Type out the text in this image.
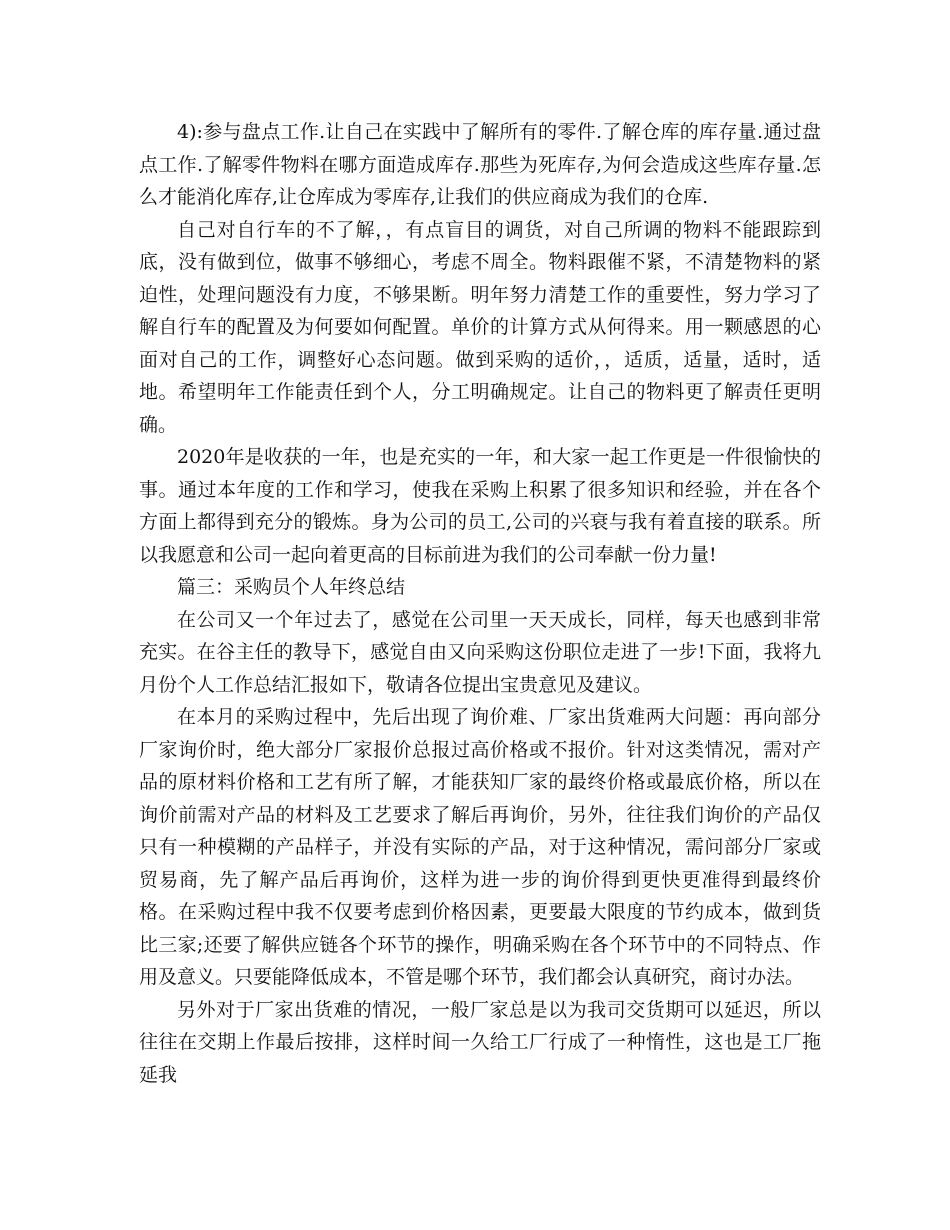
4):参与盘点工作.让自己在实践中了解所有的零件.了解仓库的库存量.通过盘点工作.了解零件物料在哪方面造成库存.那些为死库存,为何会造成这些库存量.怎么才能消化库存,让仓库成为零库存,让我们的供应商成为我们的仓库.

自己对自行车的不了解，，有点盲目的调货，对自己所调的物料不能跟踪到底，没有做到位，做事不够细心，考虑不周全。物料跟催不紧，不清楚物料的紧迫性，处理问题没有力度，不够果断。明年努力清楚工作的重要性，努力学习了解自行车的配置及为何要如何配置。单价的计算方式从何得来。用一颗感恩的心面对自己的工作，调整好心态问题。做到采购的适价，，适质，适量，适时，适地。希望明年工作能责任到个人，分工明确规定。让自己的物料更了解责任更明确。

2020年是收获的一年，也是充实的一年，和大家一起工作更是一件很愉快的事。通过本年度的工作和学习，使我在采购上积累了很多知识和经验，并在各个方面上都得到充分的锻炼。身为公司的员工,公司的兴衰与我有着直接的联系。所以我愿意和公司一起向着更高的目标前进为我们的公司奉献一份力量!

篇三：采购员个人年终总结

在公司又一个年过去了，感觉在公司里一天天成长，同样，每天也感到非常充实。在谷主任的教导下，感觉自由又向采购这份职位走进了一步!下面，我将九月份个人工作总结汇报如下，敬请各位提出宝贵意见及建议。

在本月的采购过程中，先后出现了询价难、厂家出货难两大问题：再向部分厂家询价时，绝大部分厂家报价总报过高价格或不报价。针对这类情况，需对产品的原材料价格和工艺有所了解，才能获知厂家的最终价格或最底价格，所以在询价前需对产品的材料及工艺要求了解后再询价，另外，往往我们询价的产品仅只有一种模糊的产品样子，并没有实际的产品，对于这种情况，需问部分厂家或贸易商，先了解产品后再询价，这样为进一步的询价得到更快更准得到最终价格。在采购过程中我不仅要考虑到价格因素，更要最大限度的节约成本，做到货比三家;还要了解供应链各个环节的操作，明确采购在各个环节中的不同特点、作用及意义。只要能降低成本，不管是哪个环节，我们都会认真研究，商讨办法。

另外对于厂家出货难的情况，一般厂家总是以为我司交货期可以延迟，所以往往在交期上作最后按排，这样时间一久给工厂行成了一种惰性，这也是工厂拖延我
